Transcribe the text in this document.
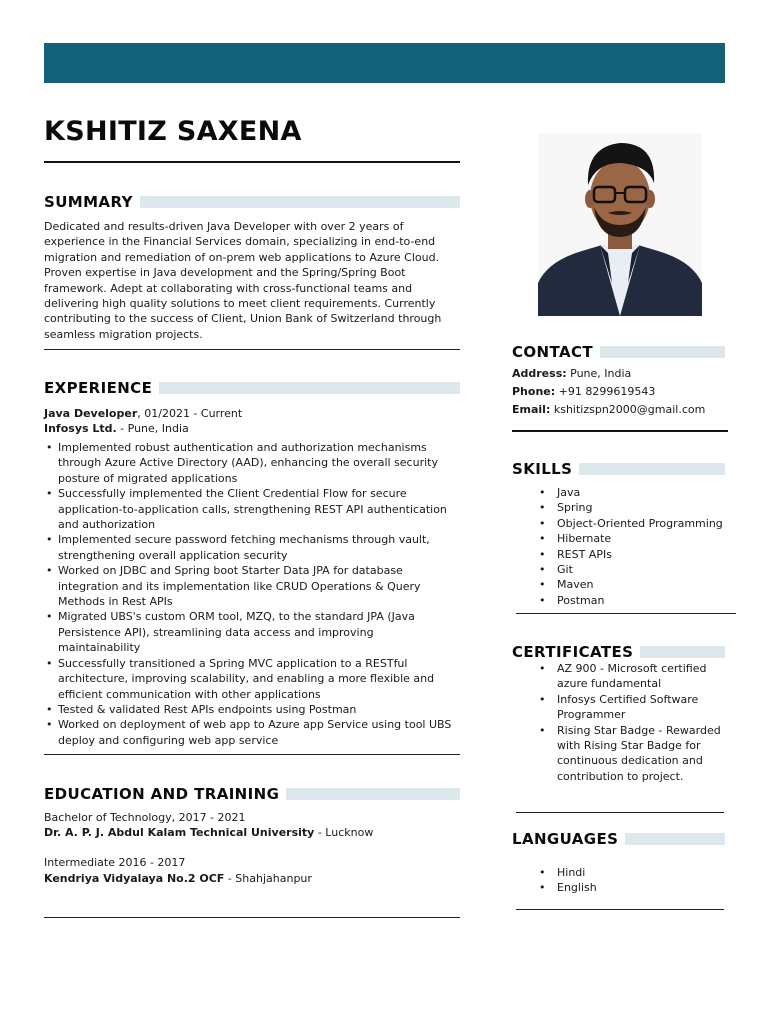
KSHITIZ SAXENA
SUMMARY
Dedicated and results-driven Java Developer with over 2 years of experience in the Financial Services domain, specializing in end-to-end migration and remediation of on-prem web applications to Azure Cloud. Proven expertise in Java development and the Spring/Spring Boot framework. Adept at collaborating with cross-functional teams and delivering high quality solutions to meet client requirements. Currently contributing to the success of Client, Union Bank of Switzerland through seamless migration projects.
EXPERIENCE
Java Developer, 01/2021 - Current
Infosys Ltd. - Pune, India
• Implemented robust authentication and authorization mechanisms through Azure Active Directory (AAD), enhancing the overall security posture of migrated applications
• Successfully implemented the Client Credential Flow for secure application-to-application calls, strengthening REST API authentication and authorization
• Implemented secure password fetching mechanisms through vault, strengthening overall application security
• Worked on JDBC and Spring boot Starter Data JPA for database integration and its implementation like CRUD Operations & Query Methods in Rest APIs
• Migrated UBS's custom ORM tool, MZQ, to the standard JPA (Java Persistence API), streamlining data access and improving maintainability
• Successfully transitioned a Spring MVC application to a RESTful architecture, improving scalability, and enabling a more flexible and efficient communication with other applications
• Tested & validated Rest APIs endpoints using Postman
• Worked on deployment of web app to Azure app Service using tool UBS deploy and configuring web app service
EDUCATION AND TRAINING
Bachelor of Technology, 2017 - 2021
Dr. A. P. J. Abdul Kalam Technical University - Lucknow
Intermediate 2016 - 2017
Kendriya Vidyalaya No.2 OCF - Shahjahanpur
CONTACT
Address: Pune, India
Phone: +91 8299619543
Email: kshitizspn2000@gmail.com
SKILLS
• Java
• Spring
• Object-Oriented Programming
• Hibernate
• REST APIs
• Git
• Maven
• Postman
CERTIFICATES
• AZ 900 - Microsoft certified azure fundamental
• Infosys Certified Software Programmer
• Rising Star Badge - Rewarded with Rising Star Badge for continuous dedication and contribution to project.
LANGUAGES
• Hindi
• English
